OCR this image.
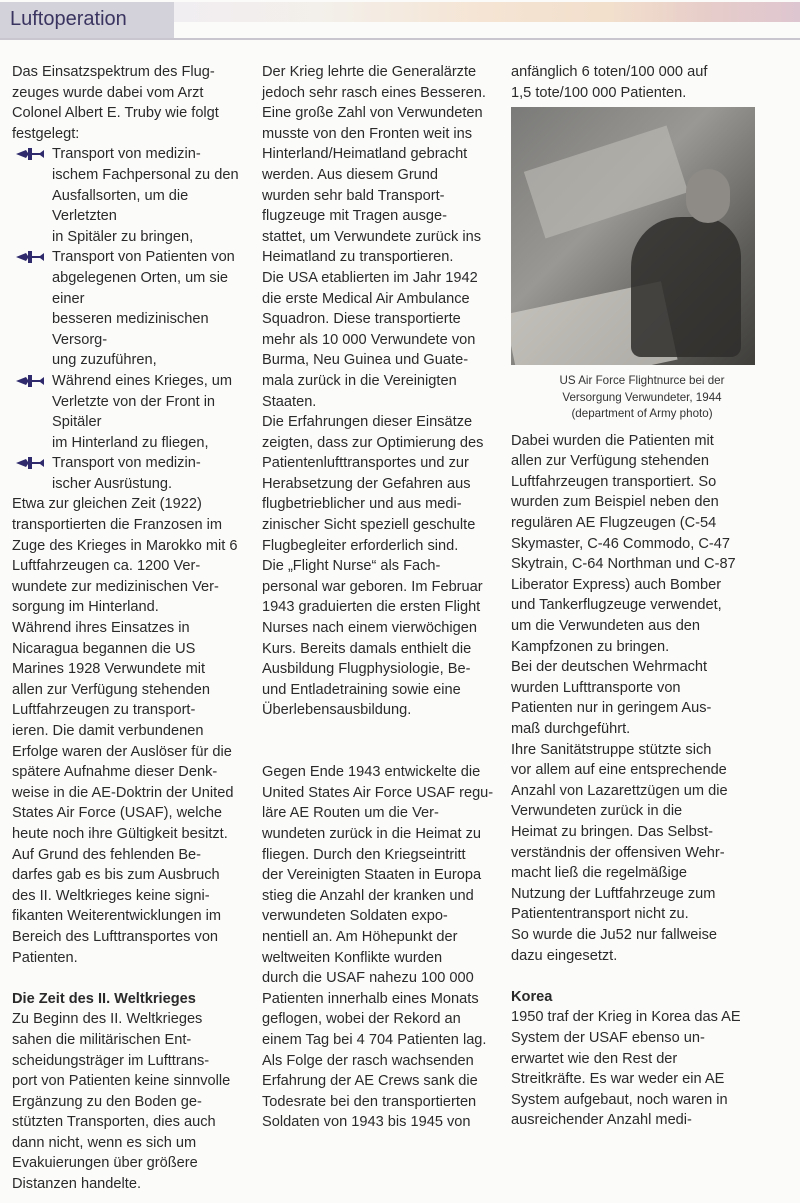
Luftoperation

Das Einsatzspektrum des Flug-

zeuges wurde dabei vom Arzt

Colonel Albert E. Truby wie folgt

festgelegt:

Transport von medizin-

ischem Fachpersonal zu den

Ausfallsorten, um die Verletzten

in Spitäler zu bringen,

Transport von Patienten von

abgelegenen Orten, um sie einer

besseren medizinischen Versorg-

ung zuzuführen,

Während eines Krieges, um

Verletzte von der Front in Spitäler

im Hinterland zu fliegen,

Transport von medizin-

ischer Ausrüstung.

Etwa zur gleichen Zeit (1922)

transportierten die Franzosen im

Zuge des Krieges in Marokko mit 6

Luftfahrzeugen ca. 1200 Ver-

wundete zur medizinischen Ver-

sorgung im Hinterland.

Während ihres Einsatzes in

Nicaragua begannen die US

Marines 1928 Verwundete mit

allen zur Verfügung stehenden

Luftfahrzeugen zu transport-

ieren. Die damit verbundenen

Erfolge waren der Auslöser für die

spätere Aufnahme dieser Denk-

weise in die AE-Doktrin der United

States Air Force (USAF), welche

heute noch ihre Gültigkeit besitzt.

Auf Grund des fehlenden Be-

darfes gab es bis zum Ausbruch

des II. Weltkrieges keine signi-

fikanten Weiterentwicklungen im

Bereich des Lufttransportes von

Patienten.

Die Zeit des II. Weltkrieges

Zu Beginn des II. Weltkrieges

sahen die militärischen Ent-

scheidungsträger im Lufttrans-

port von Patienten keine sinnvolle

Ergänzung zu den Boden ge-

stützten Transporten, dies auch

dann nicht, wenn es sich um

Evakuierungen über größere

Distanzen handelte.

Der Krieg lehrte die Generalärzte

jedoch sehr rasch eines Besseren.

Eine große Zahl von Verwundeten

musste von den Fronten weit ins

Hinterland/Heimatland gebracht

werden. Aus diesem Grund

wurden sehr bald Transport-

flugzeuge mit Tragen ausge-

stattet, um Verwundete zurück ins

Heimatland zu transportieren.

Die USA etablierten im Jahr 1942

die erste Medical Air Ambulance

Squadron. Diese transportierte

mehr als 10 000 Verwundete von

Burma, Neu Guinea und Guate-

mala zurück in die Vereinigten

Staaten.

Die Erfahrungen dieser Einsätze

zeigten, dass zur Optimierung des

Patientenlufttransportes und zur

Herabsetzung der Gefahren aus

flugbetrieblicher und aus medi-

zinischer Sicht speziell geschulte

Flugbegleiter erforderlich sind.

Die „Flight Nurse“ als Fach-

personal war geboren. Im Februar

1943 graduierten die ersten Flight

Nurses nach einem vierwöchigen

Kurs. Bereits damals enthielt die

Ausbildung Flugphysiologie, Be-

und Entladetraining sowie eine

Überlebensausbildung.

Gegen Ende 1943 entwickelte die

United States Air Force USAF regu-

läre AE Routen um die Ver-

wundeten zurück in die Heimat zu

fliegen. Durch den Kriegseintritt

der Vereinigten Staaten in Europa

stieg die Anzahl der kranken und

verwundeten Soldaten expo-

nentiell an. Am Höhepunkt der

weltweiten Konflikte wurden

durch die USAF nahezu 100 000

Patienten innerhalb eines Monats

geflogen, wobei der Rekord an

einem Tag bei 4 704 Patienten lag.

Als Folge der rasch wachsenden

Erfahrung der AE Crews sank die

Todesrate bei den transportierten

Soldaten von 1943 bis 1945 von

anfänglich 6 toten/100 000 auf

1,5 tote/100 000 Patienten.

US Air Force Flightnurce bei der

Versorgung Verwundeter, 1944

(department of Army photo)

Dabei wurden die Patienten mit

allen zur Verfügung stehenden

Luftfahrzeugen transportiert. So

wurden zum Beispiel neben den

regulären AE Flugzeugen (C-54

Skymaster, C-46 Commodo, C-47

Skytrain, C-64 Northman und C-87

Liberator Express) auch Bomber

und Tankerflugzeuge verwendet,

um die Verwundeten aus den

Kampfzonen zu bringen.

Bei der deutschen Wehrmacht

wurden Lufttransporte von

Patienten nur in geringem Aus-

maß durchgeführt.

Ihre Sanitätstruppe stützte sich

vor allem auf eine entsprechende

Anzahl von Lazarettzügen um die

Verwundeten zurück in die

Heimat zu bringen. Das Selbst-

verständnis der offensiven Wehr-

macht ließ die regelmäßige

Nutzung der Luftfahrzeuge zum

Patiententransport nicht zu.

So wurde die Ju52 nur fallweise

dazu eingesetzt.

Korea

1950 traf der Krieg in Korea das AE

System der USAF ebenso un-

erwartet wie den Rest der

Streitkräfte. Es war weder ein AE

System aufgebaut, noch waren in

ausreichender Anzahl medi-
